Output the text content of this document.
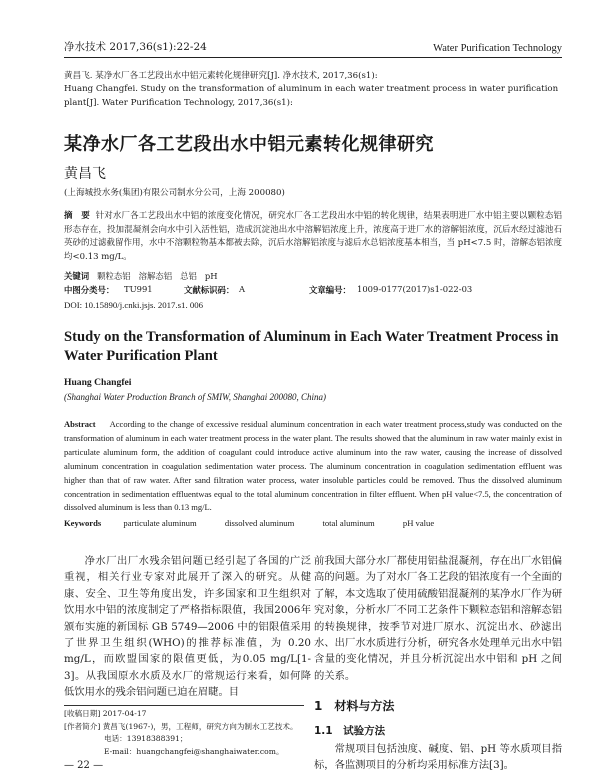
净水技术 2017,36(s1):22-24	Water Purification Technology

黄昌飞. 某净水厂各工艺段出水中铝元素转化规律研究[J]. 净水技术, 2017,36(s1):

Huang Changfei. Study on the transformation of aluminum in each water treatment process in water purification plant[J]. Water Purification Technology, 2017,36(s1):

某净水厂各工艺段出水中铝元素转化规律研究
黄昌飞
(上海城投水务(集团)有限公司制水分公司，上海 200080)
摘　要 针对水厂各工艺段出水中铝的浓度变化情况，研究水厂各工艺段出水中铝的转化规律，结果表明进厂水中铝主要以颗粒态铝形态存在，投加混凝剂会向水中引入活性铝，造成沉淀池出水中溶解铝浓度上升，浓度高于进厂水的溶解铝浓度，沉后水经过滤池石英砂的过滤截留作用，水中不溶颗粒物基本都被去除，沉后水溶解铝浓度与滤后水总铝浓度基本相当，当 pH<7.5 时，溶解态铝浓度均<0.13 mg/L。
关键词 颗粒态铝 溶解态铝 总铝 pH
中图分类号：	TU991	文献标识码： A	文章编号： 1009-0177(2017)s1-022-03
DOI: 10.15890/j.cnki.jsjs. 2017.s1. 006
Study on the Transformation of Aluminum in Each Water Treatment Process in Water Purification Plant
Huang Changfei
(Shanghai Water Production Branch of SMIW, Shanghai 200080, China)
Abstract According to the change of excessive residual aluminum concentration in each water treatment process,study was conducted on the transformation of aluminum in each water treatment process in the water plant. The results showed that the aluminum in raw water mainly exist in particulate aluminum form, the addition of coagulant could introduce active aluminum into the raw water, causing the increase of dissolved aluminum concentration in coagulation sedimentation water process. The aluminum concentration in coagulation sedimentation effluent was higher than that of raw water. After sand filtration water process, water insoluble particles could be removed. Thus the dissolved aluminum concentration in sedimentation effluentwas equal to the total aluminum concentration in filter effluent. When pH value<7.5, the concentration of dissolved aluminum is less than 0.13 mg/L.
Keywords	particulate aluminum	dissolved aluminum	total aluminum	pH value

净水厂出厂水残余铝问题已经引起了各国的广泛重视，相关行业专家对此展开了深入的研究。从健康、安全、卫生等角度出发，许多国家和卫生组织对饮用水中铝的浓度制定了严格指标限值，我国2006年颁布实施的新国标 GB 5749—2006 中的铝限值采用了世界卫生组织(WHO)的推荐标准值，为 0.20 mg/L，而欧盟国家的限值更低，为0.05 mg/L[1-3]。从我国原水水质及水厂的常规运行来看，如何降低饮用水的残余铝问题已迫在眉睫。目

前我国大部分水厂都使用铝盐混凝剂，存在出厂水铝偏高的问题。为了对水厂各工艺段的铝浓度有一个全面的了解，本文选取了使用硫酸铝混凝剂的某净水厂作为研究对象，分析水厂不同工艺条件下颗粒态铝和溶解态铝的转换规律，按季节对进厂原水、沉淀出水、砂滤出水、出厂水水质进行分析，研究各水处理单元出水中铝含量的变化情况，并且分析沉淀出水中铝和 pH 之间的关系。

1　材料与方法
1.1　试验方法

常规项目包括浊度、碱度、铝、pH 等水质项目指标，各监测项目的分析均采用标准方法[3]。

[收稿日期] 2017-04-17

[作者简介] 黄昌飞(1967-)，男，工程师，研究方向为制水工艺技术。

电话：13918388391；

E-mail：huangchangfei@shanghaiwater.com。

— 22 —
